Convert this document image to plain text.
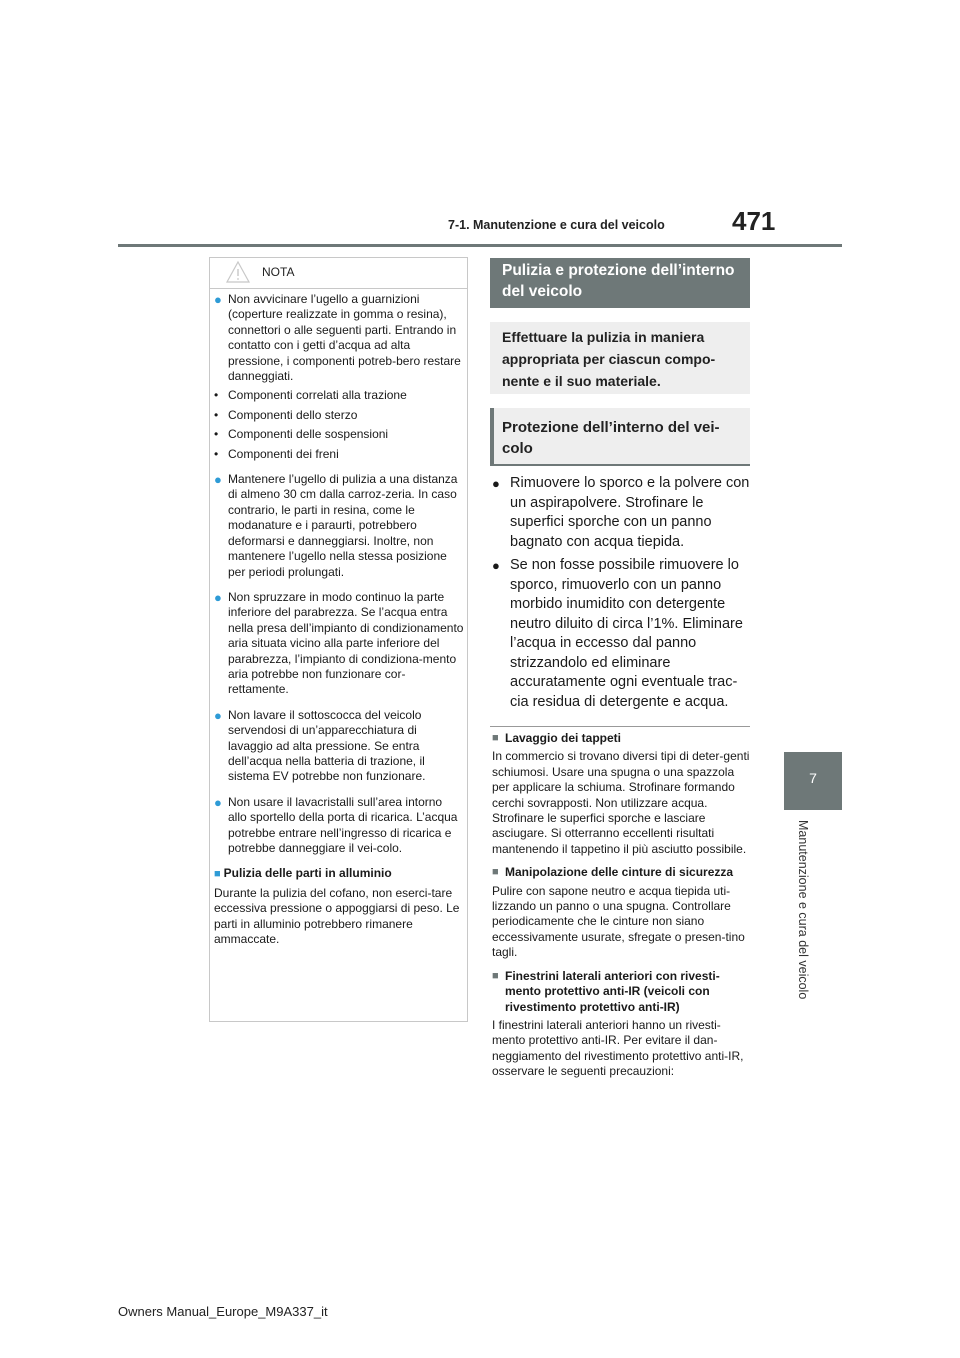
7-1. Manutenzione e cura del veicolo	471
7
Manutenzione e cura del veicolo
NOTA
● Non avvicinare l’ugello a guarnizioni (coperture realizzate in gomma o resina), connettori o alle seguenti parti. Entrando in contatto con i getti d’acqua ad alta pressione, i componenti potreb-bero restare danneggiati.
• Componenti correlati alla trazione
• Componenti dello sterzo
• Componenti delle sospensioni
• Componenti dei freni
● Mantenere l’ugello di pulizia a una distanza di almeno 30 cm dalla carroz-zeria. In caso contrario, le parti in resina, come le modanature e i paraurti, potrebbero deformarsi e danneggiarsi. Inoltre, non mantenere l’ugello nella stessa posizione per periodi prolungati.
● Non spruzzare in modo continuo la parte inferiore del parabrezza. Se l’acqua entra nella presa dell’impianto di condizionamento aria situata vicino alla parte inferiore del parabrezza, l’impianto di condiziona-mento aria potrebbe non funzionare cor-rettamente.
● Non lavare il sottoscocca del veicolo servendosi di un’apparecchiatura di lavaggio ad alta pressione. Se entra dell’acqua nella batteria di trazione, il sistema EV potrebbe non funzionare.
● Non usare il lavacristalli sull’area intorno allo sportello della porta di ricarica. L’acqua potrebbe entrare nell’ingresso di ricarica e potrebbe danneggiare il vei-colo.
■ Pulizia delle parti in alluminio
Durante la pulizia del cofano, non eserci-tare eccessiva pressione o appoggiarsi di peso. Le parti in alluminio potrebbero rimanere ammaccate.
Pulizia e protezione dell’interno del veicolo
Effettuare la pulizia in maniera appropriata per ciascun compo-nente e il suo materiale.
Protezione dell’interno del vei-colo
● Rimuovere lo sporco e la polvere con un aspirapolvere. Strofinare le superfici sporche con un panno bagnato con acqua tiepida.
● Se non fosse possibile rimuovere lo sporco, rimuoverlo con un panno morbido inumidito con detergente neutro diluito di circa l’1%. Eliminare l’acqua in eccesso dal panno strizzandolo ed eliminare accuratamente ogni eventuale trac-cia residua di detergente e acqua.
■ Lavaggio dei tappeti

In commercio si trovano diversi tipi di deter-genti schiumosi. Usare una spugna o una spazzola per applicare la schiuma. Strofinare formando cerchi sovrapposti. Non utilizzare acqua. Strofinare le superfici sporche e lasciare asciugare. Si otterranno eccellenti risultati mantenendo il tappetino il più asciutto possibile.

■ Manipolazione delle cinture di sicurezza

Pulire con sapone neutro e acqua tiepida uti-lizzando un panno o una spugna. Controllare periodicamente che le cinture non siano eccessivamente usurate, sfregate o presen-tino tagli.

■ Finestrini laterali anteriori con rivesti-mento protettivo anti-IR (veicoli con rivestimento protettivo anti-IR)

I finestrini laterali anteriori hanno un rivesti-mento protettivo anti-IR. Per evitare il dan-neggiamento del rivestimento protettivo anti-IR, osservare le seguenti precauzioni:

Owners Manual_Europe_M9A337_it
